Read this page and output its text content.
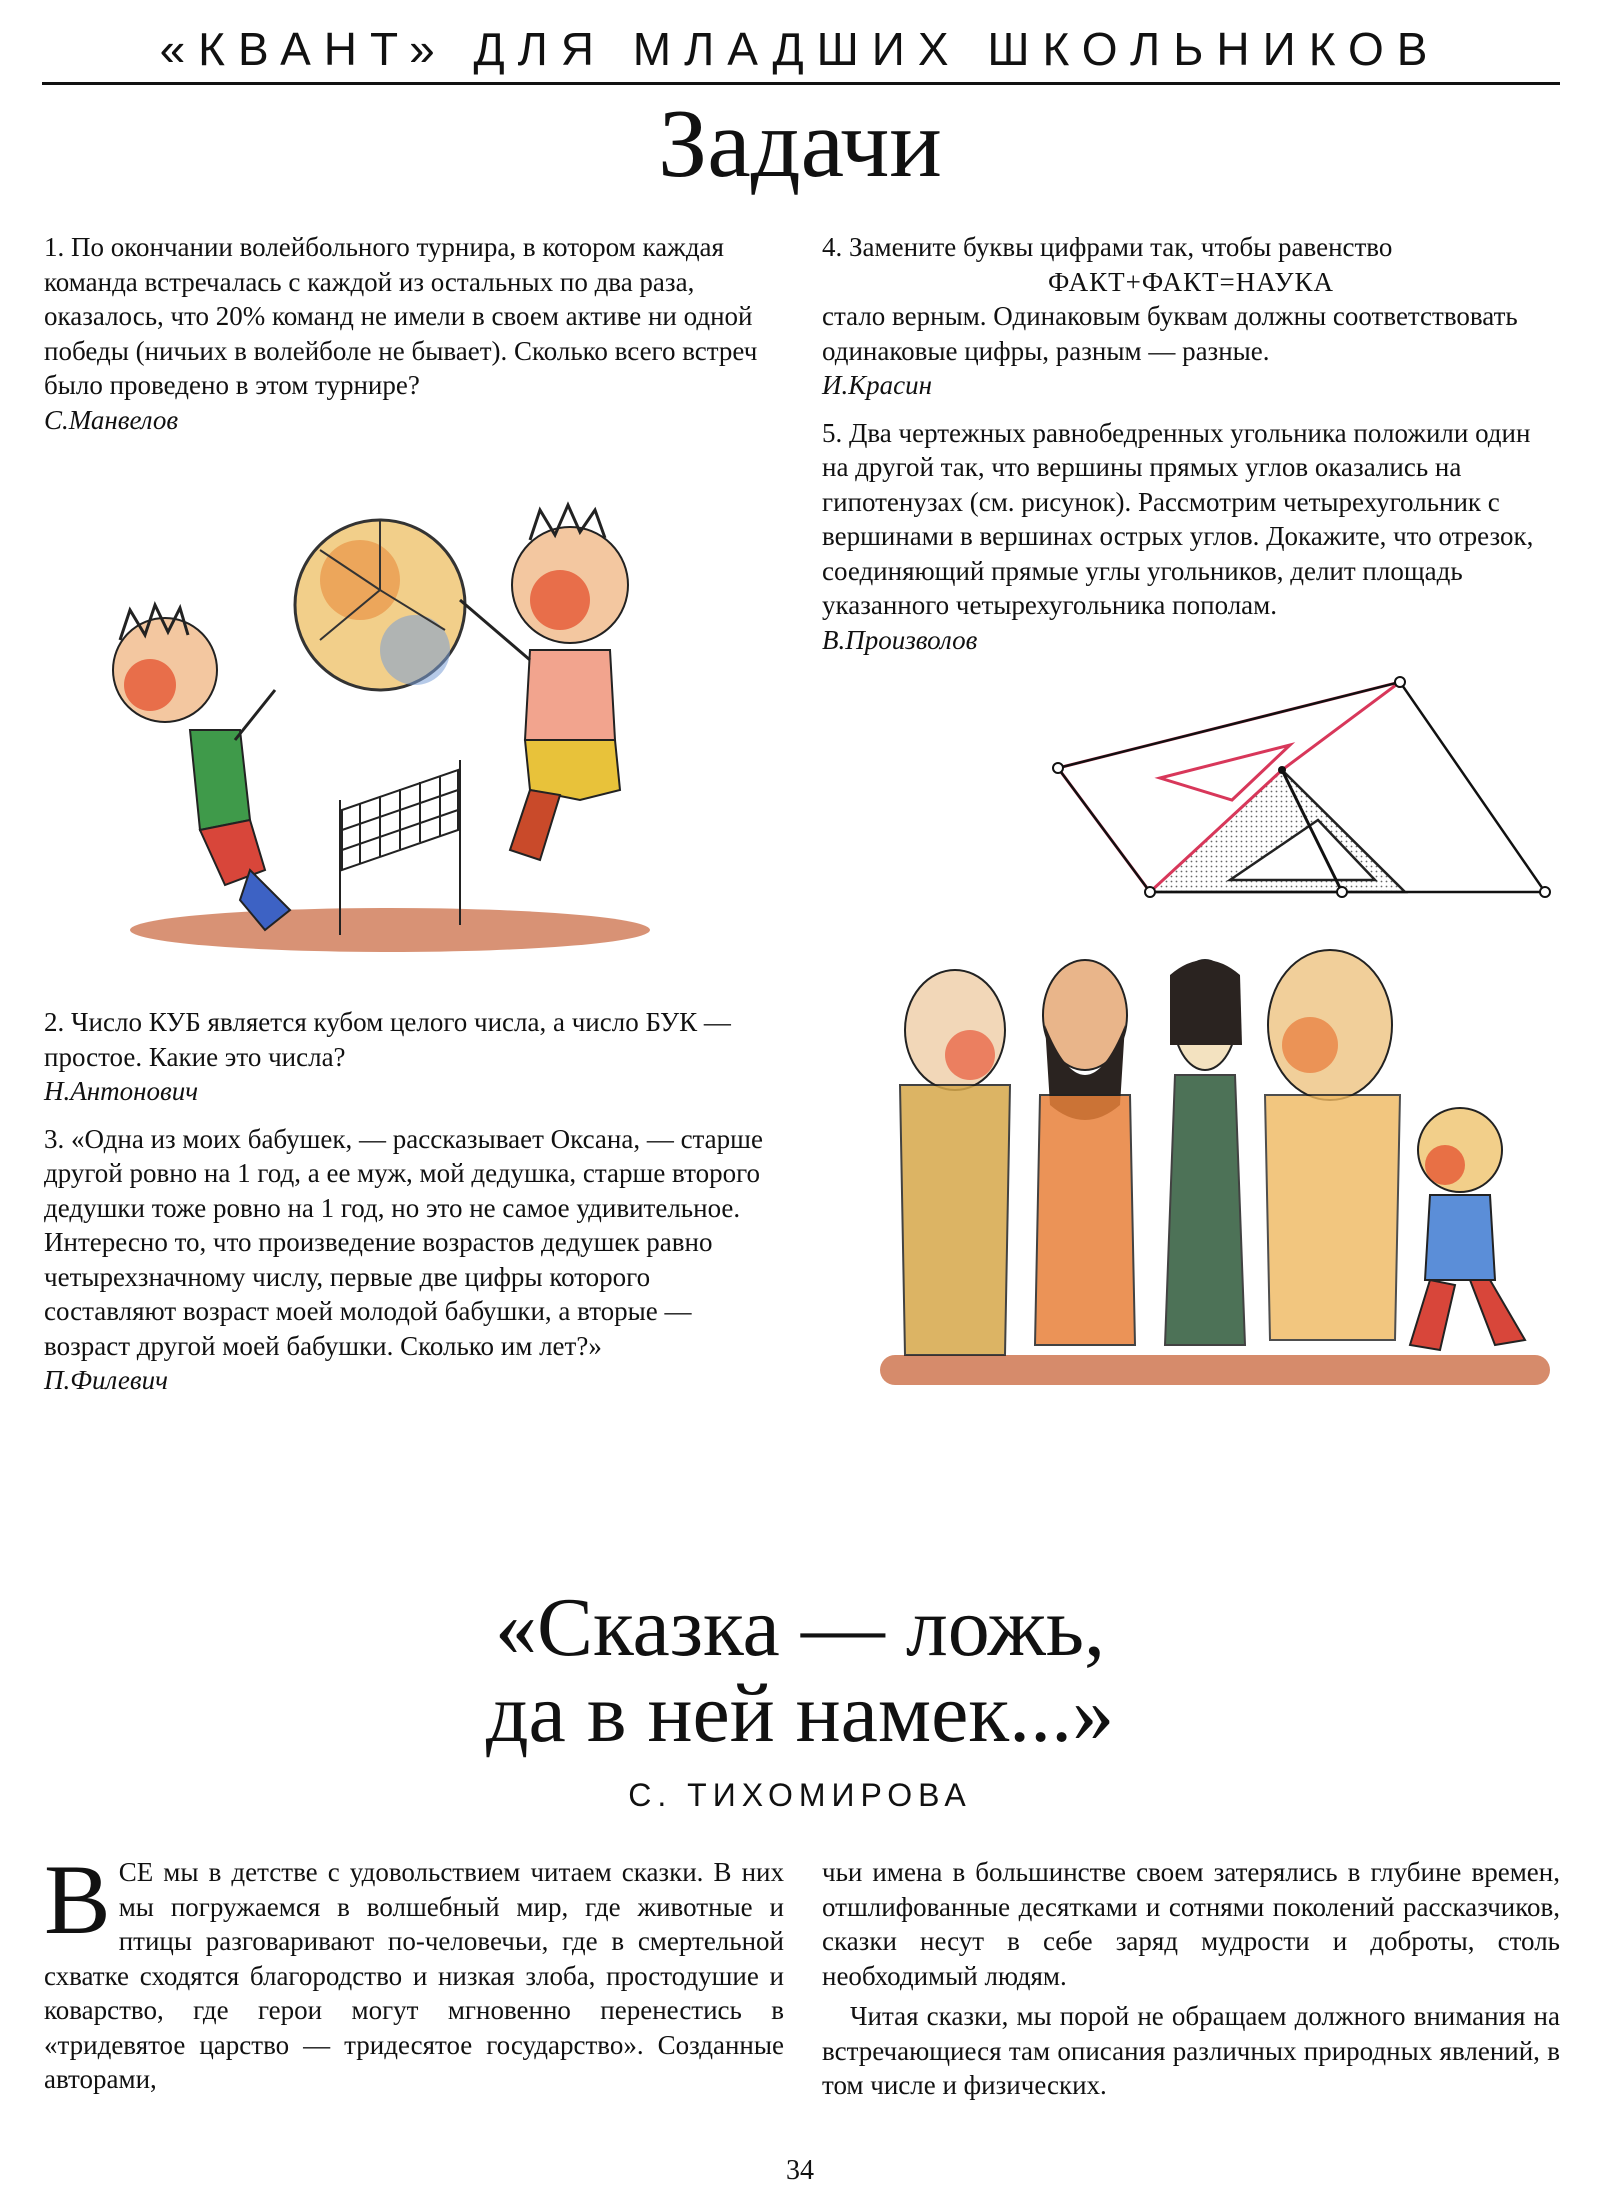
«КВАНТ» ДЛЯ МЛАДШИХ ШКОЛЬНИКОВ
Задачи

1. По окончании волейбольного турнира, в котором каждая команда встречалась с каждой из остальных по два раза, оказалось, что 20% команд не имели в своем активе ни одной победы (ничьих в волейболе не бывает). Сколько всего встреч было проведено в этом турнире?
С.Манвелов

2. Число КУБ является кубом целого числа, а число БУК — простое. Какие это числа?
Н.Антонович

3. «Одна из моих бабушек, — рассказывает Оксана, — старше другой ровно на 1 год, а ее муж, мой дедушка, старше второго дедушки тоже ровно на 1 год, но это не самое удивительное. Интересно то, что произведение возрастов дедушек равно четырехзначному числу, первые две цифры которого составляют возраст моей молодой бабушки, а вторые — возраст другой моей бабушки. Сколько им лет?»
П.Филевич

4. Замените буквы цифрами так, чтобы равенство
ФАКТ+ФАКТ=НАУКА
стало верным. Одинаковым буквам должны соответствовать одинаковые цифры, разным — разные.
И.Красин

5. Два чертежных равнобедренных угольника положили один на другой так, что вершины прямых углов оказались на гипотенузах (см. рисунок). Рассмотрим четырехугольник с вершинами в вершинах острых углов. Докажите, что отрезок, соединяющий прямые углы угольников, делит площадь указанного четырехугольника пополам.
В.Произволов

«Сказка — ложь,
да в ней намек...»
С. ТИХОМИРОВА

ВСЕ мы в детстве с удовольствием читаем сказки. В них мы погружаемся в волшебный мир, где животные и птицы разговаривают по-человечьи, где в смертельной схватке сходятся благородство и низкая злоба, простодушие и коварство, где герои могут мгновенно перенестись в «тридевятое царство — тридесятое государство». Созданные авторами,

чьи имена в большинстве своем затерялись в глубине времен, отшлифованные десятками и сотнями поколений рассказчиков, сказки несут в себе заряд мудрости и доброты, столь необходимый людям.

Читая сказки, мы порой не обращаем должного внимания на встречающиеся там описания различных природных явлений, в том числе и физических.

34
